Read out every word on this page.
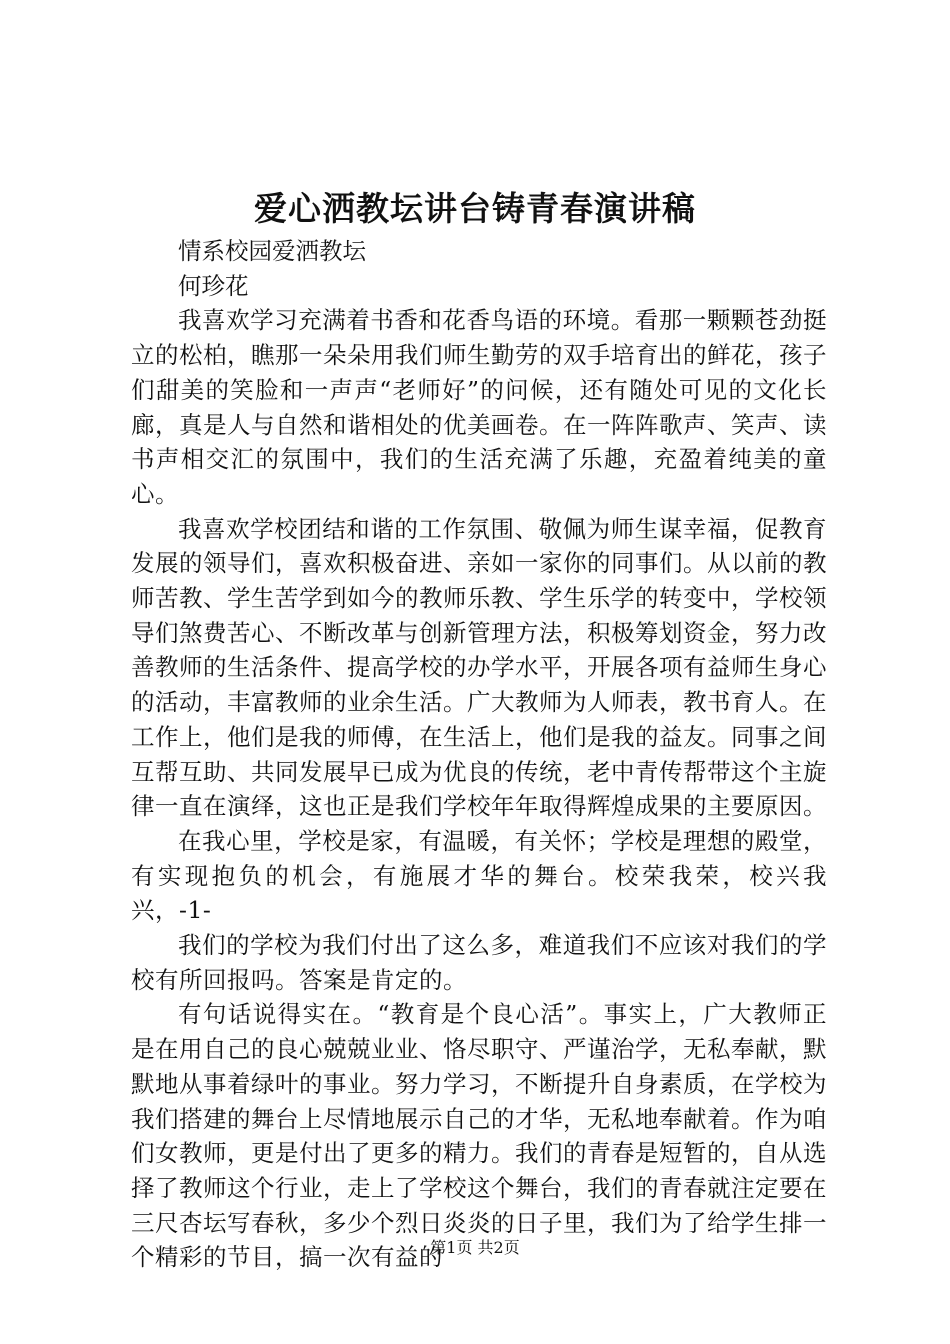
爱心洒教坛讲台铸青春演讲稿

情系校园爱洒教坛

何珍花

我喜欢学习充满着书香和花香鸟语的环境。看那一颗颗苍劲挺立的松柏，瞧那一朵朵用我们师生勤劳的双手培育出的鲜花，孩子们甜美的笑脸和一声声“老师好”的问候，还有随处可见的文化长廊，真是人与自然和谐相处的优美画卷。在一阵阵歌声、笑声、读书声相交汇的氛围中，我们的生活充满了乐趣，充盈着纯美的童心。

我喜欢学校团结和谐的工作氛围、敬佩为师生谋幸福，促教育发展的领导们，喜欢积极奋进、亲如一家你的同事们。从以前的教师苦教、学生苦学到如今的教师乐教、学生乐学的转变中，学校领导们煞费苦心、不断改革与创新管理方法，积极筹划资金，努力改善教师的生活条件、提高学校的办学水平，开展各项有益师生身心的活动，丰富教师的业余生活。广大教师为人师表，教书育人。在工作上，他们是我的师傅，在生活上，他们是我的益友。同事之间互帮互助、共同发展早已成为优良的传统，老中青传帮带这个主旋律一直在演绎，这也正是我们学校年年取得辉煌成果的主要原因。

在我心里，学校是家，有温暖，有关怀；学校是理想的殿堂，有实现抱负的机会，有施展才华的舞台。校荣我荣，校兴我兴，-1-

我们的学校为我们付出了这么多，难道我们不应该对我们的学校有所回报吗。答案是肯定的。

有句话说得实在。“教育是个良心活”。事实上，广大教师正是在用自己的良心兢兢业业、恪尽职守、严谨治学，无私奉献，默默地从事着绿叶的事业。努力学习，不断提升自身素质，在学校为我们搭建的舞台上尽情地展示自己的才华，无私地奉献着。作为咱们女教师，更是付出了更多的精力。我们的青春是短暂的，自从选择了教师这个行业，走上了学校这个舞台，我们的青春就注定要在三尺杏坛写春秋，多少个烈日炎炎的日子里，我们为了给学生排一个精彩的节目，搞一次有益的

第1页 共2页
